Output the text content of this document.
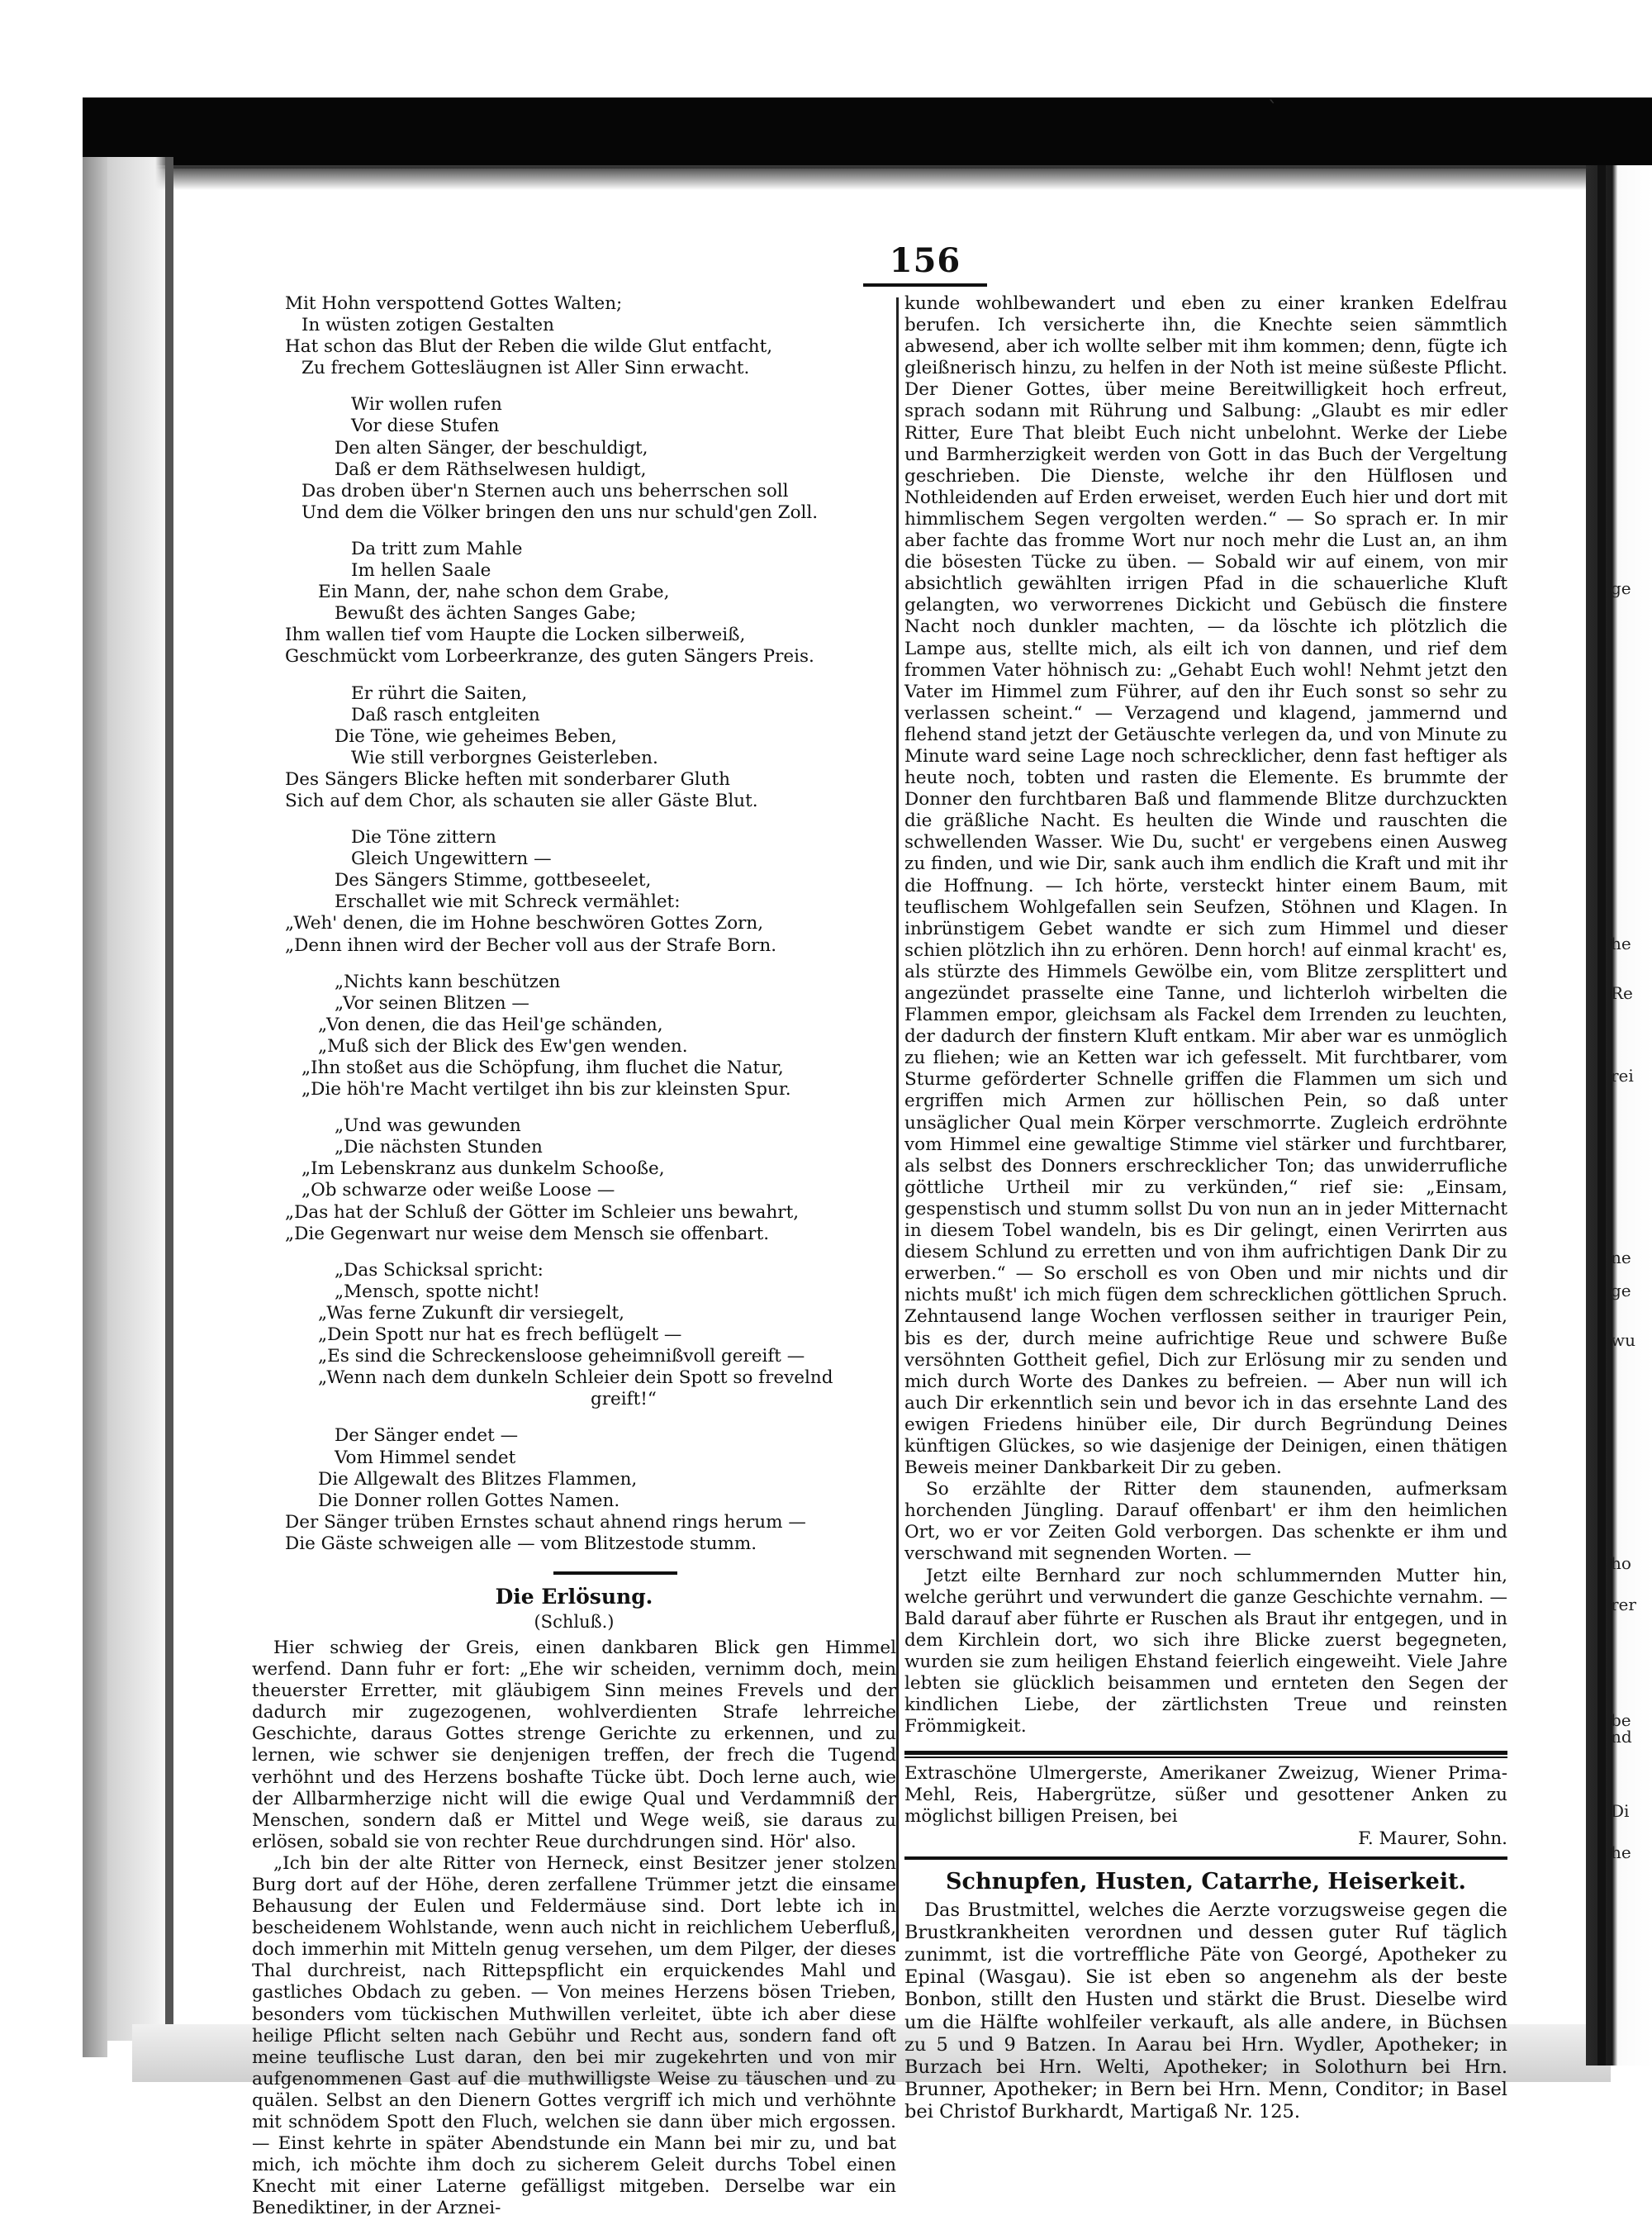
ˋ
156
Mit Hohn verspottend Gottes Walten;
In wüsten zotigen Gestalten
Hat schon das Blut der Reben die wilde Glut entfacht,
Zu frechem Gottesläugnen ist Aller Sinn erwacht.
Wir wollen rufen
Vor diese Stufen
Den alten Sänger, der beschuldigt,
Daß er dem Räthselwesen huldigt,
Das droben über'n Sternen auch uns beherrschen soll
Und dem die Völker bringen den uns nur schuld'gen Zoll.
Da tritt zum Mahle
Im hellen Saale
Ein Mann, der, nahe schon dem Grabe,
Bewußt des ächten Sanges Gabe;
Ihm wallen tief vom Haupte die Locken silberweiß,
Geschmückt vom Lorbeerkranze, des guten Sängers Preis.
Er rührt die Saiten,
Daß rasch entgleiten
Die Töne, wie geheimes Beben,
Wie still verborgnes Geisterleben.
Des Sängers Blicke heften mit sonderbarer Gluth
Sich auf dem Chor, als schauten sie aller Gäste Blut.
Die Töne zittern
Gleich Ungewittern —
Des Sängers Stimme, gottbeseelet,
Erschallet wie mit Schreck vermählet:
„Weh' denen, die im Hohne beschwören Gottes Zorn,
„Denn ihnen wird der Becher voll aus der Strafe Born.
„Nichts kann beschützen
„Vor seinen Blitzen —
„Von denen, die das Heil'ge schänden,
„Muß sich der Blick des Ew'gen wenden.
„Ihn stoßet aus die Schöpfung, ihm fluchet die Natur,
„Die höh're Macht vertilget ihn bis zur kleinsten Spur.
„Und was gewunden
„Die nächsten Stunden
„Im Lebenskranz aus dunkelm Schooße,
„Ob schwarze oder weiße Loose —
„Das hat der Schluß der Götter im Schleier uns bewahrt,
„Die Gegenwart nur weise dem Mensch sie offenbart.
„Das Schicksal spricht:
„Mensch, spotte nicht!
„Was ferne Zukunft dir versiegelt,
„Dein Spott nur hat es frech beflügelt —
„Es sind die Schreckensloose geheimnißvoll gereift —
„Wenn nach dem dunkeln Schleier dein Spott so frevelnd
greift!“
Der Sänger endet —
Vom Himmel sendet
Die Allgewalt des Blitzes Flammen,
Die Donner rollen Gottes Namen.
Der Sänger trüben Ernstes schaut ahnend rings herum —
Die Gäste schweigen alle — vom Blitzestode stumm.
Die Erlösung.
(Schluß.)

Hier schwieg der Greis, einen dankbaren Blick gen Himmel werfend. Dann fuhr er fort: „Ehe wir scheiden, vernimm doch, mein theuerster Erretter, mit gläubigem Sinn meines Frevels und der dadurch mir zugezogenen, wohlverdienten Strafe lehrreiche Geschichte, daraus Gottes strenge Gerichte zu erkennen, und zu lernen, wie schwer sie denjenigen treffen, der frech die Tugend verhöhnt und des Herzens boshafte Tücke übt. Doch lerne auch, wie der Allbarmherzige nicht will die ewige Qual und Verdammniß der Menschen, sondern daß er Mittel und Wege weiß, sie daraus zu erlösen, sobald sie von rechter Reue durchdrungen sind. Hör' also.

„Ich bin der alte Ritter von Herneck, einst Besitzer jener stolzen Burg dort auf der Höhe, deren zerfallene Trümmer jetzt die einsame Behausung der Eulen und Feldermäuse sind. Dort lebte ich in bescheidenem Wohlstande, wenn auch nicht in reichlichem Ueberfluß, doch immerhin mit Mitteln genug versehen, um dem Pilger, der dieses Thal durchreist, nach Rittерspflicht ein erquickendes Mahl und gastliches Obdach zu geben. — Von meines Herzens bösen Trieben, besonders vom tückischen Muthwillen verleitet, übte ich aber diese heilige Pflicht selten nach Gebühr und Recht aus, sondern fand oft meine teuflische Lust daran, den bei mir zugekehrten und von mir aufgenommenen Gast auf die muthwilligste Weise zu täuschen und zu quälen. Selbst an den Dienern Gottes vergriff ich mich und verhöhnte mit schnödem Spott den Fluch, welchen sie dann über mich ergossen. — Einst kehrte in später Abendstunde ein Mann bei mir zu, und bat mich, ich möchte ihm doch zu sicherem Geleit durchs Tobel einen Knecht mit einer Laterne gefälligst mitgeben. Derselbe war ein Benediktiner, in der Arznei-

kunde wohlbewandert und eben zu einer kranken Edelfrau berufen. Ich versicherte ihn, die Knechte seien sämmtlich abwesend, aber ich wollte selber mit ihm kommen; denn, fügte ich gleißnerisch hinzu, zu helfen in der Noth ist meine süßeste Pflicht. Der Diener Gottes, über meine Bereitwilligkeit hoch erfreut, sprach sodann mit Rührung und Salbung: „Glaubt es mir edler Ritter, Eure That bleibt Euch nicht unbelohnt. Werke der Liebe und Barmherzigkeit werden von Gott in das Buch der Vergeltung geschrieben. Die Dienste, welche ihr den Hülflosen und Nothleidenden auf Erden erweiset, werden Euch hier und dort mit himmlischem Segen vergolten werden.“ — So sprach er. In mir aber fachte das fromme Wort nur noch mehr die Lust an, an ihm die bösesten Tücke zu üben. — Sobald wir auf einem, von mir absichtlich gewählten irrigen Pfad in die schauerliche Kluft gelangten, wo verworrenes Dickicht und Gebüsch die finstere Nacht noch dunkler machten, — da löschte ich plötzlich die Lampe aus, stellte mich, als eilt ich von dannen, und rief dem frommen Vater höhnisch zu: „Gehabt Euch wohl! Nehmt jetzt den Vater im Himmel zum Führer, auf den ihr Euch sonst so sehr zu verlassen scheint.“ — Verzagend und klagend, jammernd und flehend stand jetzt der Getäuschte verlegen da, und von Minute zu Minute ward seine Lage noch schrecklicher, denn fast heftiger als heute noch, tobten und rasten die Elemente. Es brummte der Donner den furchtbaren Baß und flammende Blitze durchzuckten die gräßliche Nacht. Es heulten die Winde und rauschten die schwellenden Wasser. Wie Du, sucht' er vergebens einen Ausweg zu finden, und wie Dir, sank auch ihm endlich die Kraft und mit ihr die Hoffnung. — Ich hörte, versteckt hinter einem Baum, mit teuflischem Wohlgefallen sein Seufzen, Stöhnen und Klagen. In inbrünstigem Gebet wandte er sich zum Himmel und dieser schien plötzlich ihn zu erhören. Denn horch! auf einmal kracht' es, als stürzte des Himmels Gewölbe ein, vom Blitze zersplittert und angezündet prasselte eine Tanne, und lichterloh wirbelten die Flammen empor, gleichsam als Fackel dem Irrenden zu leuchten, der dadurch der finstern Kluft entkam. Mir aber war es unmöglich zu fliehen; wie an Ketten war ich gefesselt. Mit furchtbarer, vom Sturme geförderter Schnelle griffen die Flammen um sich und ergriffen mich Armen zur höllischen Pein, so daß unter unsäglicher Qual mein Körper verschmorrte. Zugleich erdröhnte vom Himmel eine gewaltige Stimme viel stärker und furchtbarer, als selbst des Donners erschrecklicher Ton; das unwiderrufliche göttliche Urtheil mir zu verkünden,“ rief sie: „Einsam, gespenstisch und stumm sollst Du von nun an in jeder Mitternacht in diesem Tobel wandeln, bis es Dir gelingt, einen Verirrten aus diesem Schlund zu erretten und von ihm aufrichtigen Dank Dir zu erwerben.“ — So erscholl es von Oben und mir nichts und dir nichts mußt' ich mich fügen dem schrecklichen göttlichen Spruch. Zehntausend lange Wochen verflossen seither in trauriger Pein, bis es der, durch meine aufrichtige Reue und schwere Buße versöhnten Gottheit gefiel, Dich zur Erlösung mir zu senden und mich durch Worte des Dankes zu befreien. — Aber nun will ich auch Dir erkenntlich sein und bevor ich in das ersehnte Land des ewigen Friedens hinüber eile, Dir durch Begründung Deines künftigen Glückes, so wie dasjenige der Deinigen, einen thätigen Beweis meiner Dankbarkeit Dir zu geben.

So erzählte der Ritter dem staunenden, aufmerksam horchenden Jüngling. Darauf offenbart' er ihm den heimlichen Ort, wo er vor Zeiten Gold verborgen. Das schenkte er ihm und verschwand mit segnenden Worten. —

Jetzt eilte Bernhard zur noch schlummernden Mutter hin, welche gerührt und verwundert die ganze Geschichte vernahm. — Bald darauf aber führte er Ruschen als Braut ihr entgegen, und in dem Kirchlein dort, wo sich ihre Blicke zuerst begegneten, wurden sie zum heiligen Ehstand feierlich eingeweiht. Viele Jahre lebten sie glücklich beisammen und ernteten den Segen der kindlichen Liebe, der zärtlichsten Treue und reinsten Frömmigkeit.

Extraschöne Ulmergerste, Amerikaner Zweizug, Wiener Prima-Mehl, Reis, Habergrütze, süßer und gesottener Anken zu möglichst billigen Preisen, bei
F. Maurer, Sohn.
Schnupfen, Husten, Catarrhe, Heiserkeit.
Das Brustmittel, welches die Aerzte vorzugsweise gegen die Brustkrankheiten verordnen und dessen guter Ruf täglich zunimmt, ist die vortreffliche Päte von Georgé, Apotheker zu Epinal (Wasgau). Sie ist eben so angenehm als der beste Bonbon, stillt den Husten und stärkt die Brust. Dieselbe wird um die Hälfte wohlfeiler verkauft, als alle andere, in Büchsen zu 5 und 9 Batzen. In Aarau bei Hrn. Wydler, Apotheker; in Burzach bei Hrn. Welti, Apotheker; in Solothurn bei Hrn. Brunner, Apotheker; in Bern bei Hrn. Menn, Conditor; in Basel bei Christof Burkhardt, Martigaß Nr. 125.
ge
he
Re
rei
ne
ge
wu
ho
rer
be
nd
Di
he
